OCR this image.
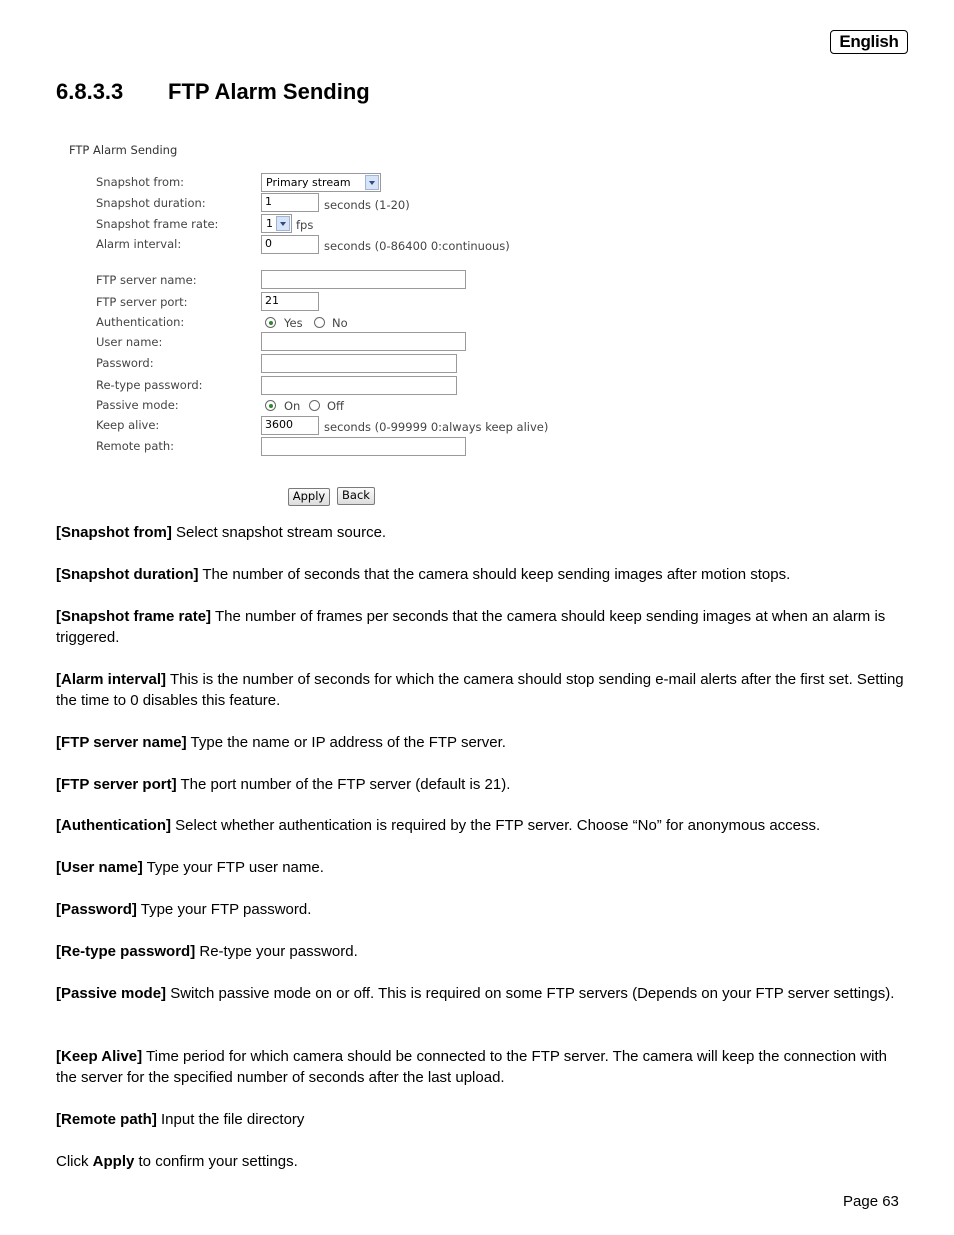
English
6.8.3.3 FTP Alarm Sending
FTP Alarm Sending
Snapshot from:	Primary stream
Snapshot duration:	1	seconds (1-20)
Snapshot frame rate:	1 fps
Alarm interval:	0	seconds (0-86400 0:continuous)
FTP server name:
FTP server port:	21
Authentication:	Yes	No
User name:
Password:
Re-type password:
Passive mode:	On Off
Keep alive:	3600	seconds (0-99999 0:always keep alive)
Remote path:
Apply	Back
[Snapshot from] Select snapshot stream source.
[Snapshot duration] The number of seconds that the camera should keep sending images after motion stops.
[Snapshot frame rate] The number of frames per seconds that the camera should keep sending images at when an alarm is triggered.
[Alarm interval] This is the number of seconds for which the camera should stop sending e-mail alerts after the first set. Setting the time to 0 disables this feature.
[FTP server name] Type the name or IP address of the FTP server.
[FTP server port] The port number of the FTP server (default is 21).
[Authentication] Select whether authentication is required by the FTP server. Choose “No” for anonymous access.
[User name] Type your FTP user name.
[Password] Type your FTP password.
[Re-type password] Re-type your password.
[Passive mode] Switch passive mode on or off. This is required on some FTP servers (Depends on your FTP server settings).
[Keep Alive] Time period for which camera should be connected to the FTP server. The camera will keep the connection with the server for the specified number of seconds after the last upload.
[Remote path] Input the file directory
Click Apply to confirm your settings.
Page 63
